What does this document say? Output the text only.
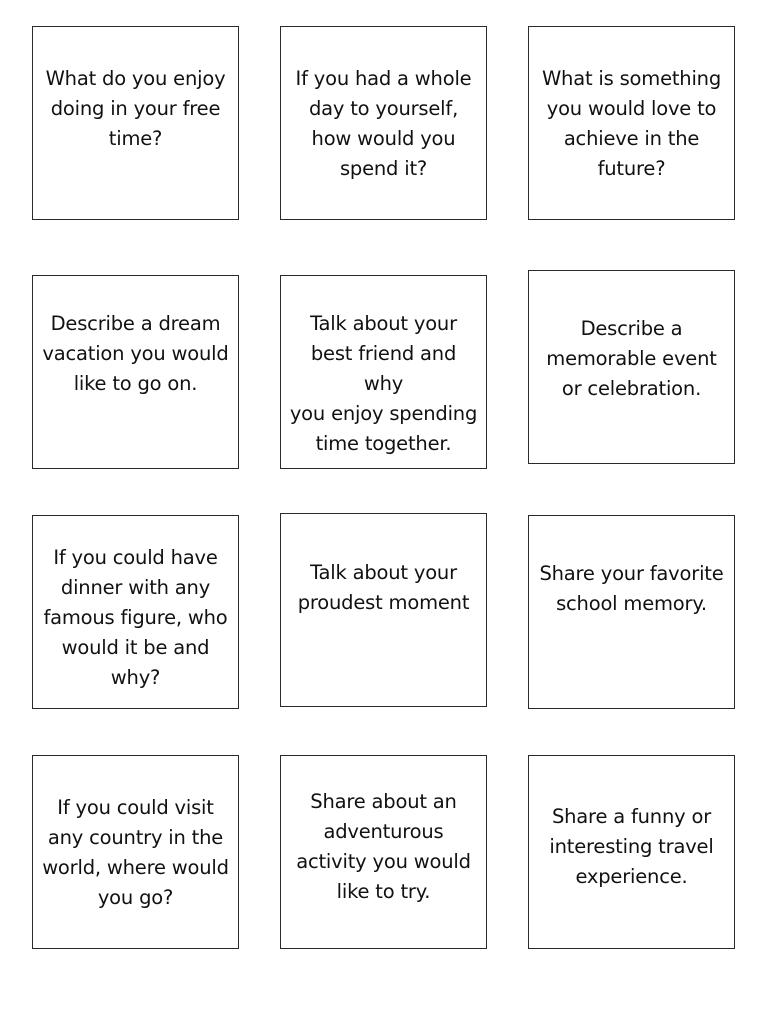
What do you enjoy
doing in your free
time?
If you had a whole
day to yourself,
how would you
spend it?
What is something
you would love to
achieve in the
future?
Describe a dream
vacation you would
like to go on.
Talk about your
best friend and why
you enjoy spending
time together.
Describe a
memorable event
or celebration.
If you could have
dinner with any
famous figure, who
would it be and
why?
Talk about your
proudest moment
Share your favorite
school memory.
If you could visit
any country in the
world, where would
you go?
Share about an
adventurous
activity you would
like to try.
Share a funny or
interesting travel
experience.
